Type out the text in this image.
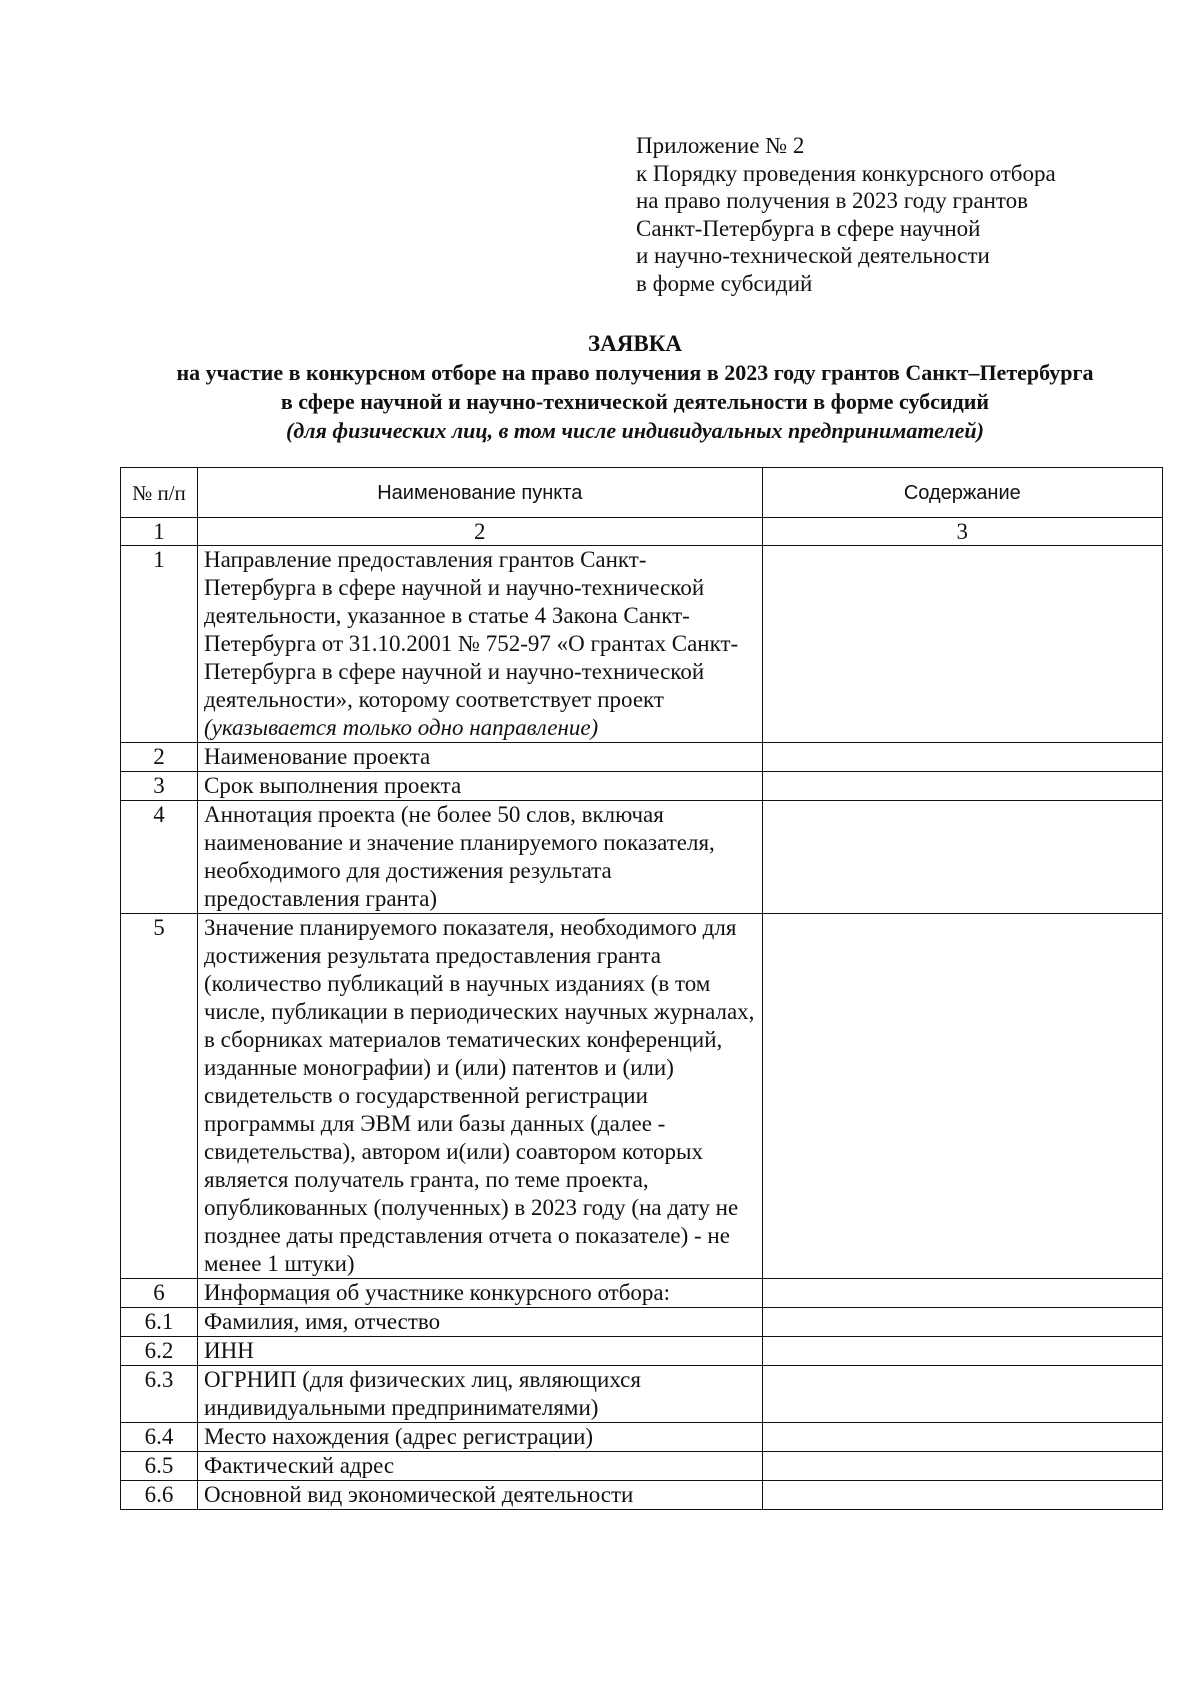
Приложение № 2
к Порядку проведения конкурсного отбора
на право получения в 2023 году грантов
Санкт-Петербурга в сфере научной
и научно-технической деятельности
в форме субсидий
ЗАЯВКА
на участие в конкурсном отборе на право получения в 2023 году грантов Санкт–Петербурга
в сфере научной и научно-технической деятельности в форме субсидий
(для физических лиц, в том числе индивидуальных предпринимателей)
№ п/п	Наименование пункта	Содержание
1	2	3
1	Направление предоставления грантов Санкт-Петербурга в сфере научной и научно-технической деятельности, указанное в статье 4 Закона Санкт-Петербурга от 31.10.2001 № 752-97 «О грантах Санкт-Петербурга в сфере научной и научно-технической деятельности», которому соответствует проект (указывается только одно направление)	
2	Наименование проекта	
3	Срок выполнения проекта	
4	Аннотация проекта (не более 50 слов, включая наименование и значение планируемого показателя, необходимого для достижения результата предоставления гранта)	
5	Значение планируемого показателя, необходимого для достижения результата предоставления гранта (количество публикаций в научных изданиях (в том числе, публикации в периодических научных журналах, в сборниках материалов тематических конференций, изданные монографии) и (или) патентов и (или) свидетельств о государственной регистрации программы для ЭВМ или базы данных (далее - свидетельства), автором и(или) соавтором которых является получатель гранта, по теме проекта, опубликованных (полученных) в 2023 году (на дату не позднее даты представления отчета о показателе) - не менее 1 штуки)	
6	Информация об участнике конкурсного отбора:	
6.1	Фамилия, имя, отчество	
6.2	ИНН	
6.3	ОГРНИП (для физических лиц, являющихся индивидуальными предпринимателями)	
6.4	Место нахождения (адрес регистрации)	
6.5	Фактический адрес	
6.6	Основной вид экономической деятельности	
